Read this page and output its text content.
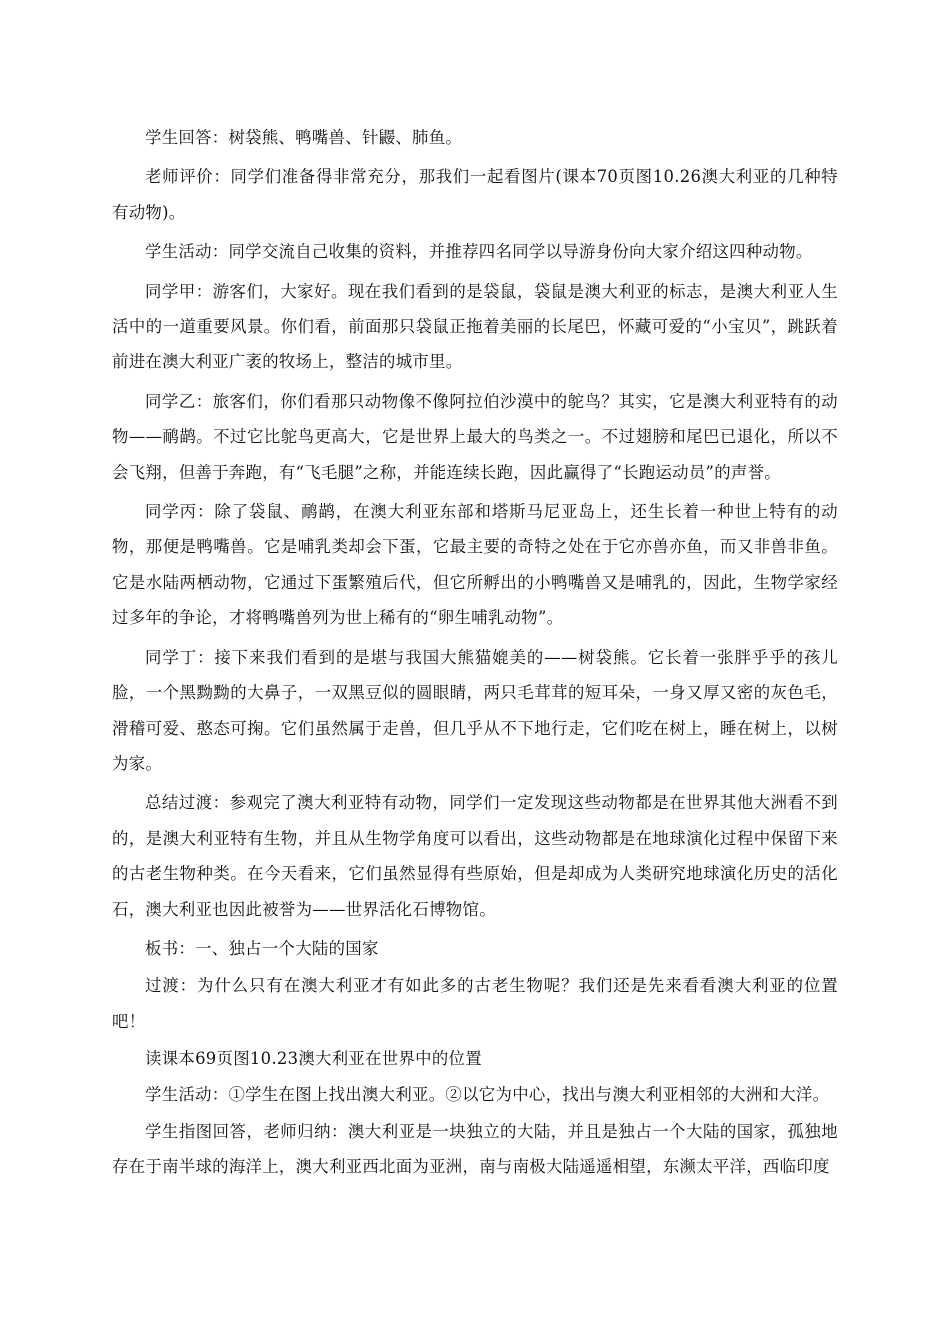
学生回答：树袋熊、鸭嘴兽、针鼹、肺鱼。

老师评价：同学们准备得非常充分，那我们一起看图片(课本70页图10.26澳大利亚的几种特有动物)。

学生活动：同学交流自己收集的资料，并推荐四名同学以导游身份向大家介绍这四种动物。

同学甲：游客们，大家好。现在我们看到的是袋鼠，袋鼠是澳大利亚的标志，是澳大利亚人生活中的一道重要风景。你们看，前面那只袋鼠正拖着美丽的长尾巴，怀藏可爱的“小宝贝”，跳跃着前进在澳大利亚广袤的牧场上，整洁的城市里。

同学乙：旅客们，你们看那只动物像不像阿拉伯沙漠中的鸵鸟？其实，它是澳大利亚特有的动物——鸸鹋。不过它比鸵鸟更高大，它是世界上最大的鸟类之一。不过翅膀和尾巴已退化，所以不会飞翔，但善于奔跑，有“飞毛腿”之称，并能连续长跑，因此赢得了“长跑运动员”的声誉。

同学丙：除了袋鼠、鸸鹋，在澳大利亚东部和塔斯马尼亚岛上，还生长着一种世上特有的动物，那便是鸭嘴兽。它是哺乳类却会下蛋，它最主要的奇特之处在于它亦兽亦鱼，而又非兽非鱼。它是水陆两栖动物，它通过下蛋繁殖后代，但它所孵出的小鸭嘴兽又是哺乳的，因此，生物学家经过多年的争论，才将鸭嘴兽列为世上稀有的“卵生哺乳动物”。

同学丁：接下来我们看到的是堪与我国大熊猫媲美的——树袋熊。它长着一张胖乎乎的孩儿脸，一个黑黝黝的大鼻子，一双黑豆似的圆眼睛，两只毛茸茸的短耳朵，一身又厚又密的灰色毛，滑稽可爱、憨态可掬。它们虽然属于走兽，但几乎从不下地行走，它们吃在树上，睡在树上，以树为家。

总结过渡：参观完了澳大利亚特有动物，同学们一定发现这些动物都是在世界其他大洲看不到的，是澳大利亚特有生物，并且从生物学角度可以看出，这些动物都是在地球演化过程中保留下来的古老生物种类。在今天看来，它们虽然显得有些原始，但是却成为人类研究地球演化历史的活化石，澳大利亚也因此被誉为——世界活化石博物馆。

板书：一、独占一个大陆的国家

过渡：为什么只有在澳大利亚才有如此多的古老生物呢？我们还是先来看看澳大利亚的位置吧！

读课本69页图10.23澳大利亚在世界中的位置

学生活动：①学生在图上找出澳大利亚。②以它为中心，找出与澳大利亚相邻的大洲和大洋。

学生指图回答，老师归纳：澳大利亚是一块独立的大陆，并且是独占一个大陆的国家，孤独地存在于南半球的海洋上，澳大利亚西北面为亚洲，南与南极大陆遥遥相望，东濒太平洋，西临印度
